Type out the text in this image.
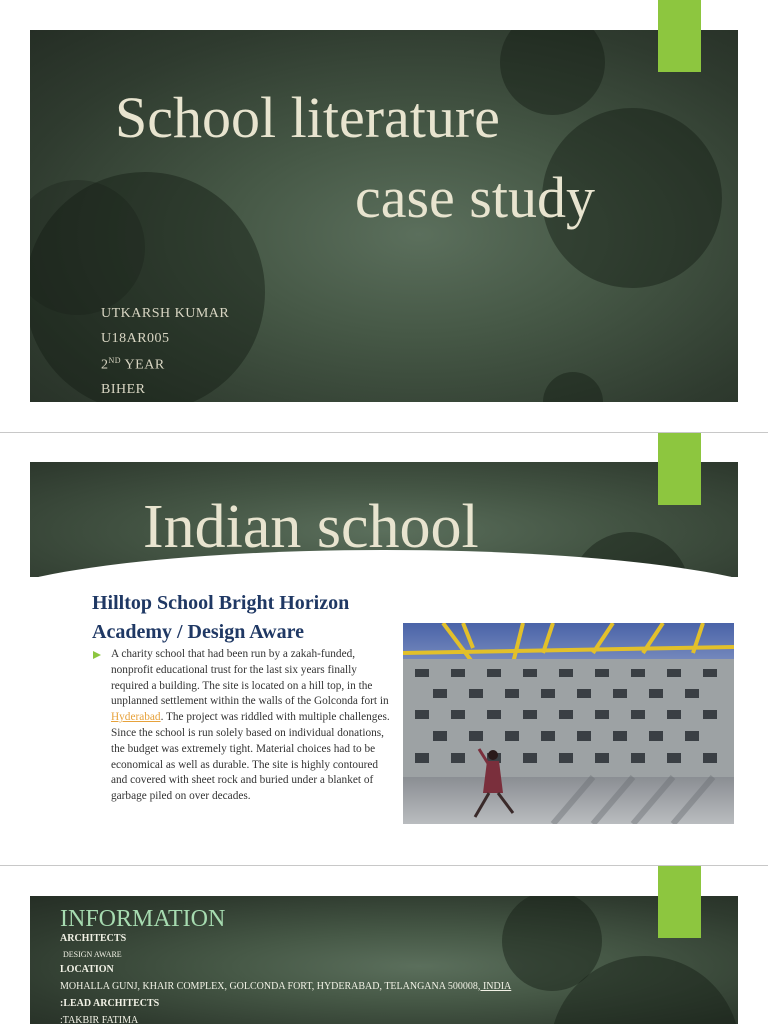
School literature
case study
UTKARSH KUMAR
U18AR005
2ND YEAR
BIHER
Indian school
Hilltop School Bright Horizon
Academy / Design Aware
A charity school that had been run by a zakah-funded, nonprofit educational trust for the last six years finally required a building. The site is located on a hill top, in the unplanned settlement within the walls of the Golconda fort in Hyderabad. The project was riddled with multiple challenges. Since the school is run solely based on individual donations, the budget was extremely tight. Material choices had to be economical as well as durable. The site is highly contoured and covered with sheet rock and buried under a blanket of garbage piled on over decades.
INFORMATION
ARCHITECTS
DESIGN AWARE
LOCATION
MOHALLA GUNJ, KHAIR COMPLEX, GOLCONDA FORT, HYDERABAD, TELANGANA 500008, INDIA
:LEAD ARCHITECTS
:TAKBIR FATIMA
